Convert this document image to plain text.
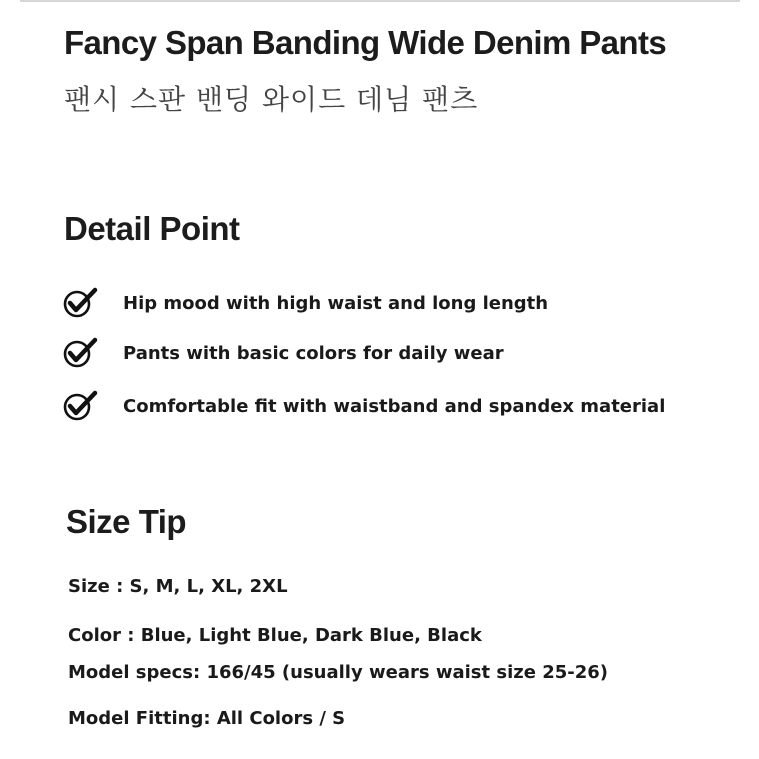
Fancy Span Banding Wide Denim Pants
팬시 스판 밴딩 와이드 데님 팬츠
Detail Point
Hip mood with high waist and long length
Pants with basic colors for daily wear
Comfortable fit with waistband and spandex material
Size Tip
Size : S, M, L, XL, 2XL
Color : Blue, Light Blue, Dark Blue, Black
Model specs: 166/45 (usually wears waist size 25-26)
Model Fitting: All Colors / S
